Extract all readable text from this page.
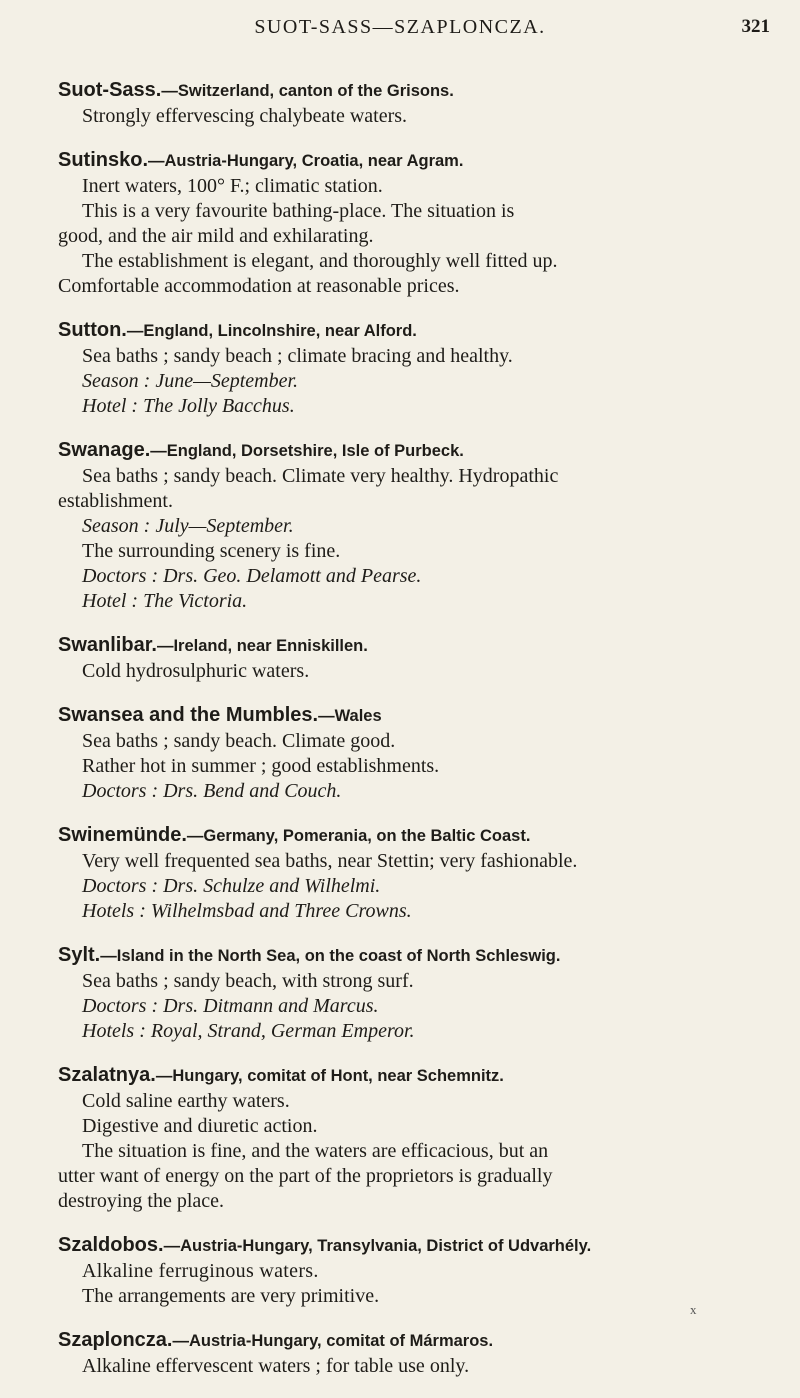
SUOT-SASS—SZAPLONCZA.	321
Suot-Sass.—Switzerland, canton of the Grisons.
Strongly effervescing chalybeate waters.
Sutinsko.—Austria-Hungary, Croatia, near Agram.
Inert waters, 100° F.; climatic station.
This is a very favourite bathing-place. The situation is
good, and the air mild and exhilarating.
The establishment is elegant, and thoroughly well fitted up.
Comfortable accommodation at reasonable prices.
Sutton.—England, Lincolnshire, near Alford.
Sea baths ; sandy beach ; climate bracing and healthy.
Season : June—September.
Hotel : The Jolly Bacchus.
Swanage.—England, Dorsetshire, Isle of Purbeck.
Sea baths ; sandy beach. Climate very healthy. Hydropathic
establishment.
Season : July—September.
The surrounding scenery is fine.
Doctors : Drs. Geo. Delamott and Pearse.
Hotel : The Victoria.
Swanlibar.—Ireland, near Enniskillen.
Cold hydrosulphuric waters.
Swansea and the Mumbles.—Wales
Sea baths ; sandy beach. Climate good.
Rather hot in summer ; good establishments.
Doctors : Drs. Bend and Couch.
Swinemünde.—Germany, Pomerania, on the Baltic Coast.
Very well frequented sea baths, near Stettin; very fashionable.
Doctors : Drs. Schulze and Wilhelmi.
Hotels : Wilhelmsbad and Three Crowns.
Sylt.—Island in the North Sea, on the coast of North Schleswig.
Sea baths ; sandy beach, with strong surf.
Doctors : Drs. Ditmann and Marcus.
Hotels : Royal, Strand, German Emperor.
Szalatnya.—Hungary, comitat of Hont, near Schemnitz.
Cold saline earthy waters.
Digestive and diuretic action.
The situation is fine, and the waters are efficacious, but an
utter want of energy on the part of the proprietors is gradually
destroying the place.
Szaldobos.—Austria-Hungary, Transylvania, District of Udvarhély.
Alkaline ferruginous waters.
The arrangements are very primitive.
Szaploncza.—Austria-Hungary, comitat of Mármaros.
Alkaline effervescent waters ; for table use only.
x
